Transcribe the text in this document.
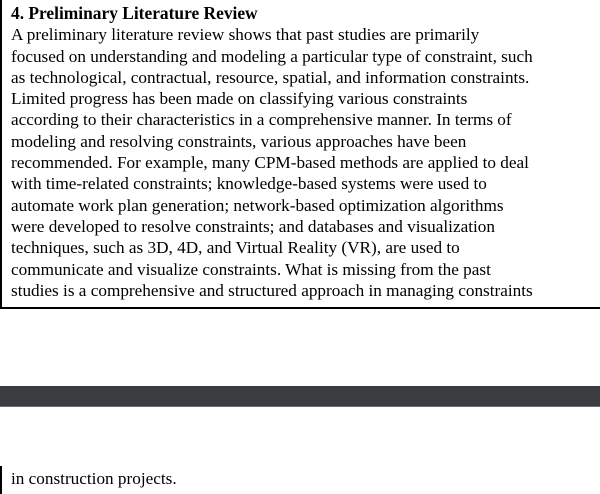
4. Preliminary Literature Review
A preliminary literature review shows that past studies are primarily
focused on understanding and modeling a particular type of constraint, such
as technological, contractual, resource, spatial, and information constraints.
Limited progress has been made on classifying various constraints
according to their characteristics in a comprehensive manner. In terms of
modeling and resolving constraints, various approaches have been
recommended. For example, many CPM-based methods are applied to deal
with time-related constraints; knowledge-based systems were used to
automate work plan generation; network-based optimization algorithms
were developed to resolve constraints; and databases and visualization
techniques, such as 3D, 4D, and Virtual Reality (VR), are used to
communicate and visualize constraints. What is missing from the past
studies is a comprehensive and structured approach in managing constraints
in construction projects.
